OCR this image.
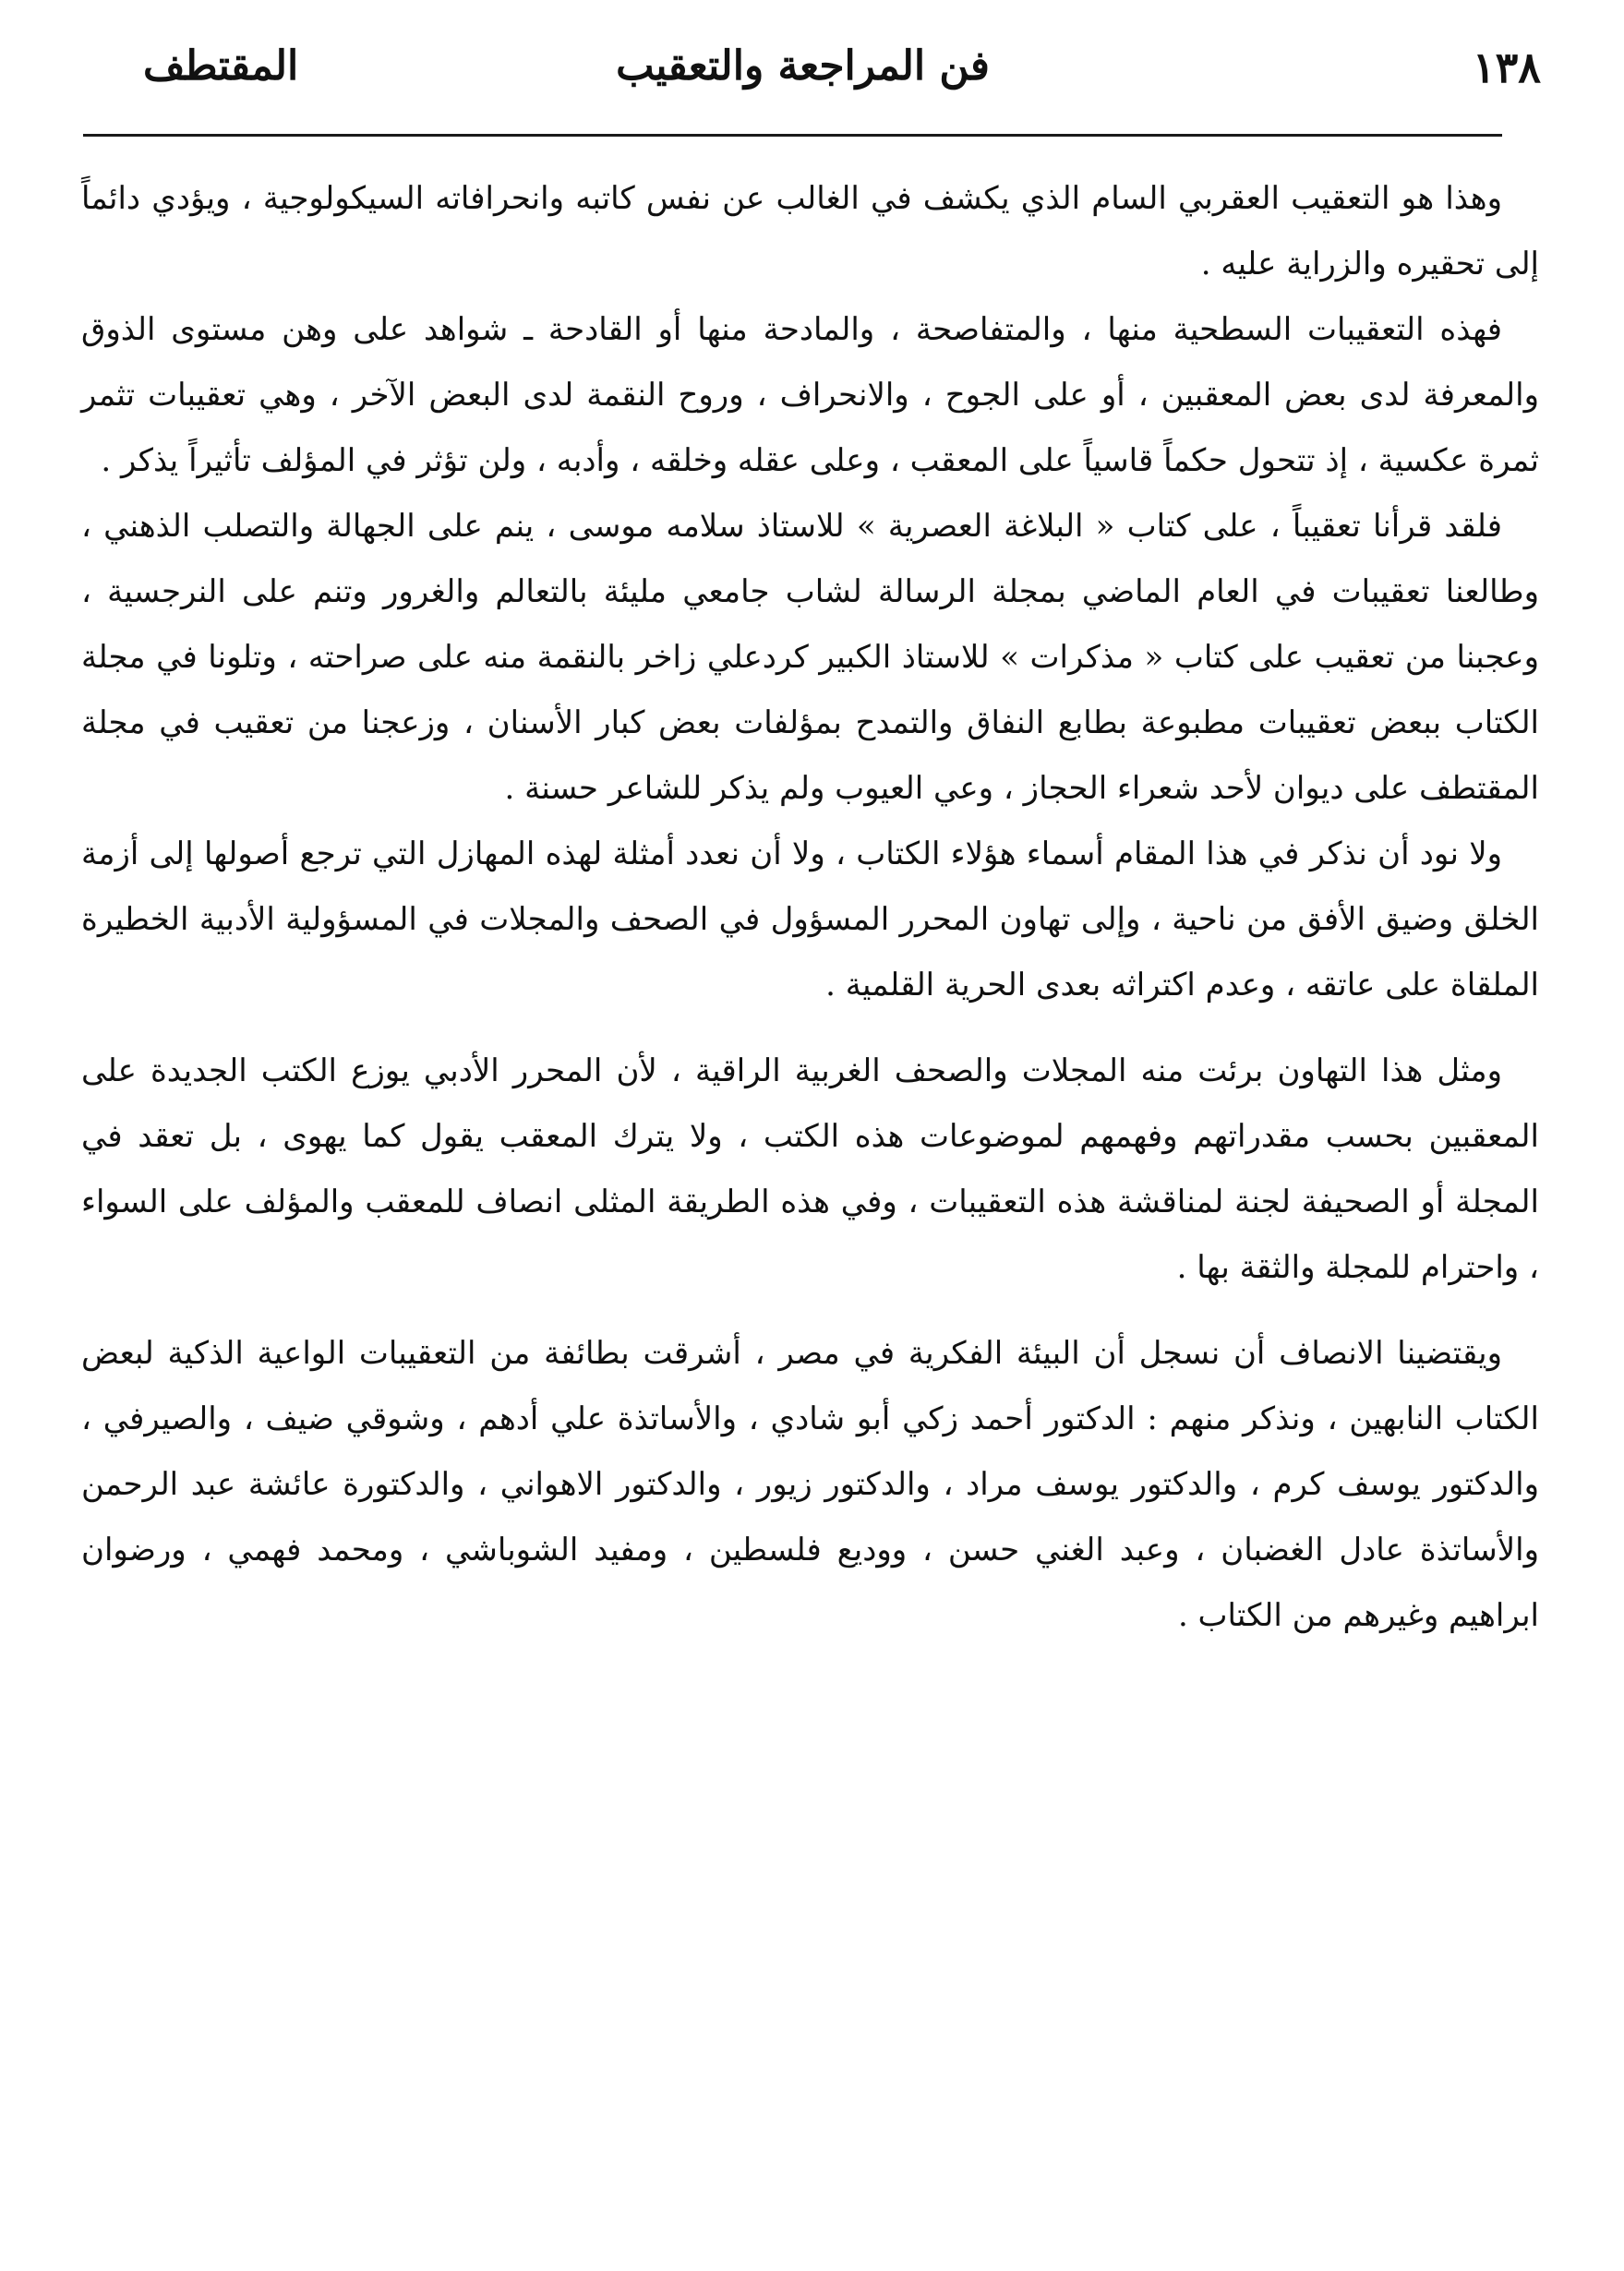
المقتطف	فن المراجعة والتعقيب	١٣٨

وهذا هو التعقيب العقربي السام الذي يكشف في الغالب عن نفس كاتبه وانحرافاته السيكولوجية ، ويؤدي دائماً إلى تحقيره والزراية عليه .

فهذه التعقيبات السطحية منها ، والمتفاصحة ، والمادحة منها أو القادحة ـ شواهد على وهن مستوى الذوق والمعرفة لدى بعض المعقبين ، أو على الجوح ، والانحراف ، وروح النقمة لدى البعض الآخر ، وهي تعقيبات تثمر ثمرة عكسية ، إذ تتحول حكماً قاسياً على المعقب ، وعلى عقله وخلقه ، وأدبه ، ولن تؤثر في المؤلف تأثيراً يذكر .

فلقد قرأنا تعقيباً ، على كتاب « البلاغة العصرية » للاستاذ سلامه موسى ، ينم على الجهالة والتصلب الذهني ، وطالعنا تعقيبات في العام الماضي بمجلة الرسالة لشاب جامعي مليئة بالتعالم والغرور وتنم على النرجسية ، وعجبنا من تعقيب على كتاب « مذكرات » للاستاذ الكبير كردعلي زاخر بالنقمة منه على صراحته ، وتلونا في مجلة الكتاب ببعض تعقيبات مطبوعة بطابع النفاق والتمدح بمؤلفات بعض كبار الأسنان ، وزعجنا من تعقيب في مجلة المقتطف على ديوان لأحد شعراء الحجاز ، وعي العيوب ولم يذكر للشاعر حسنة .

ولا نود أن نذكر في هذا المقام أسماء هؤلاء الكتاب ، ولا أن نعدد أمثلة لهذه المهازل التي ترجع أصولها إلى أزمة الخلق وضيق الأفق من ناحية ، وإلى تهاون المحرر المسؤول في الصحف والمجلات في المسؤولية الأدبية الخطيرة الملقاة على عاتقه ، وعدم اكتراثه بعدى الحرية القلمية .

ومثل هذا التهاون برئت منه المجلات والصحف الغربية الراقية ، لأن المحرر الأدبي يوزع الكتب الجديدة على المعقبين بحسب مقدراتهم وفهمهم لموضوعات هذه الكتب ، ولا يترك المعقب يقول كما يهوى ، بل تعقد في المجلة أو الصحيفة لجنة لمناقشة هذه التعقيبات ، وفي هذه الطريقة المثلى انصاف للمعقب والمؤلف على السواء ، واحترام للمجلة والثقة بها .

ويقتضينا الانصاف أن نسجل أن البيئة الفكرية في مصر ، أشرقت بطائفة من التعقيبات الواعية الذكية لبعض الكتاب النابهين ، ونذكر منهم : الدكتور أحمد زكي أبو شادي ، والأساتذة علي أدهم ، وشوقي ضيف ، والصيرفي ، والدكتور يوسف كرم ، والدكتور يوسف مراد ، والدكتور زيور ، والدكتور الاهواني ، والدكتورة عائشة عبد الرحمن والأساتذة عادل الغضبان ، وعبد الغني حسن ، ووديع فلسطين ، ومفيد الشوباشي ، ومحمد فهمي ، ورضوان ابراهيم وغيرهم من الكتاب .
